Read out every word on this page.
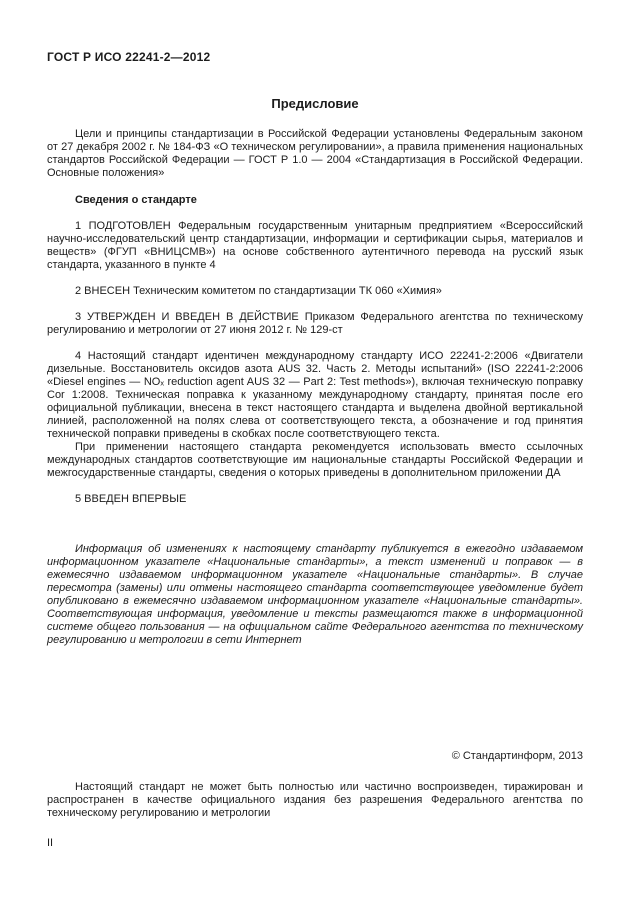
ГОСТ Р ИСО 22241-2—2012
Предисловие

Цели и принципы стандартизации в Российской Федерации установлены Федеральным законом от 27 декабря 2002 г. № 184-ФЗ «О техническом регулировании», а правила применения национальных стандартов Российской Федерации — ГОСТ Р 1.0 — 2004 «Стандартизация в Российской Федерации. Основные положения»

Сведения о стандарте

1 ПОДГОТОВЛЕН Федеральным государственным унитарным предприятием «Всероссийский научно-исследовательский центр стандартизации, информации и сертификации сырья, материалов и веществ» (ФГУП «ВНИЦСМВ») на основе собственного аутентичного перевода на русский язык стандарта, указанного в пункте 4

2 ВНЕСЕН Техническим комитетом по стандартизации ТК 060 «Химия»

3 УТВЕРЖДЕН И ВВЕДЕН В ДЕЙСТВИЕ Приказом Федерального агентства по техническому регулированию и метрологии от 27 июня 2012 г. № 129-ст

4 Настоящий стандарт идентичен международному стандарту ИСО 22241-2:2006 «Двигатели дизельные. Восстановитель оксидов азота AUS 32. Часть 2. Методы испытаний» (ISO 22241-2:2006 «Diesel engines — NOₓ reduction agent AUS 32 — Part 2: Test methods»), включая техническую поправку Cor 1:2008. Техническая поправка к указанному международному стандарту, принятая после его официальной публикации, внесена в текст настоящего стандарта и выделена двойной вертикальной линией, расположенной на полях слева от соответствующего текста, а обозначение и год принятия технической поправки приведены в скобках после соответствующего текста.

При применении настоящего стандарта рекомендуется использовать вместо ссылочных международных стандартов соответствующие им национальные стандарты Российской Федерации и межгосударственные стандарты, сведения о которых приведены в дополнительном приложении ДА

5 ВВЕДЕН ВПЕРВЫЕ

Информация об изменениях к настоящему стандарту публикуется в ежегодно издаваемом информационном указателе «Национальные стандарты», а текст изменений и поправок — в ежемесячно издаваемом информационном указателе «Национальные стандарты». В случае пересмотра (замены) или отмены настоящего стандарта соответствующее уведомление будет опубликовано в ежемесячно издаваемом информационном указателе «Национальные стандарты». Соответствующая информация, уведомление и тексты размещаются также в информационной системе общего пользования — на официальном сайте Федерального агентства по техническому регулированию и метрологии в сети Интернет

© Стандартинформ, 2013

Настоящий стандарт не может быть полностью или частично воспроизведен, тиражирован и распространен в качестве официального издания без разрешения Федерального агентства по техническому регулированию и метрологии

II
